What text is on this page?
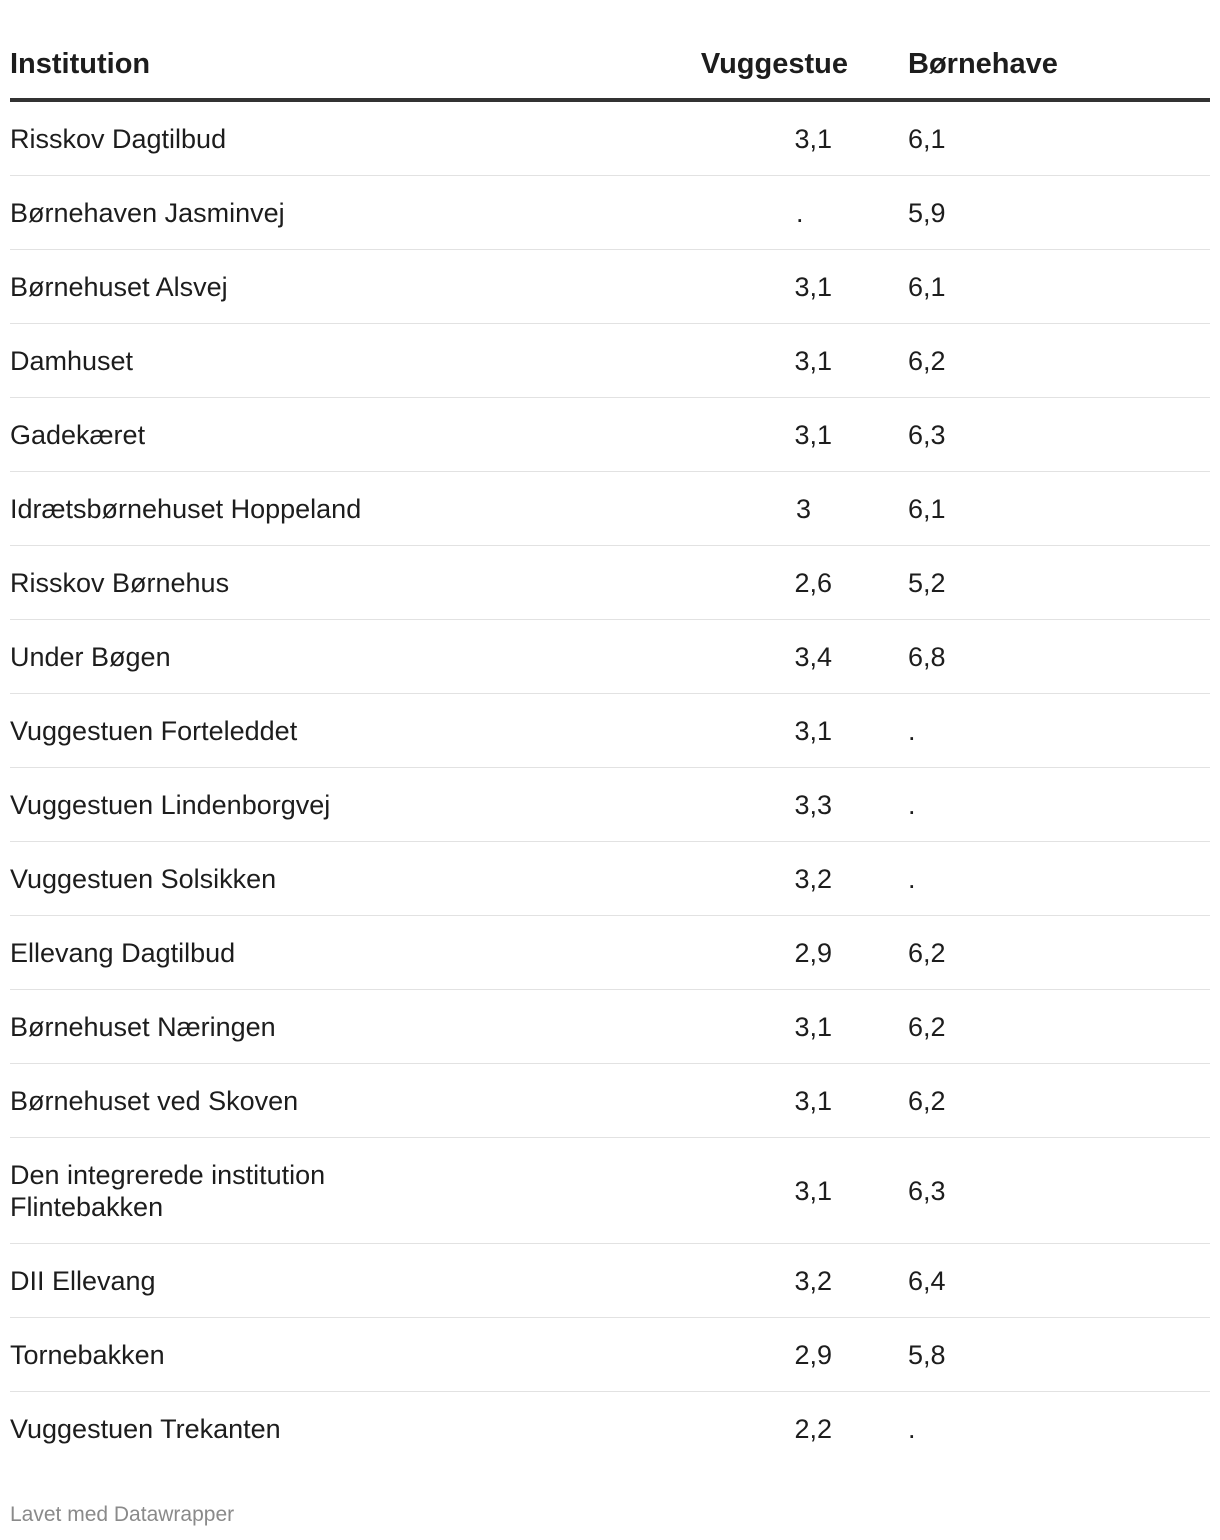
Institution	Vuggestue		Børnehave
Risskov Dagtilbud	3,1		6,1
Børnehaven Jasminvej	.		5,9
Børnehuset Alsvej	3,1		6,1
Damhuset	3,1		6,2
Gadekæret	3,1		6,3
Idrætsbørnehuset Hoppeland	3		6,1
Risskov Børnehus	2,6		5,2
Under Bøgen	3,4		6,8
Vuggestuen Forteleddet	3,1		.
Vuggestuen Lindenborgvej	3,3		.
Vuggestuen Solsikken	3,2		.
Ellevang Dagtilbud	2,9		6,2
Børnehuset Næringen	3,1		6,2
Børnehuset ved Skoven	3,1		6,2
Den integrerede institution Flintebakken	3,1		6,3
DII Ellevang	3,2		6,4
Tornebakken	2,9		5,8
Vuggestuen Trekanten	2,2		.
Lavet med Datawrapper
